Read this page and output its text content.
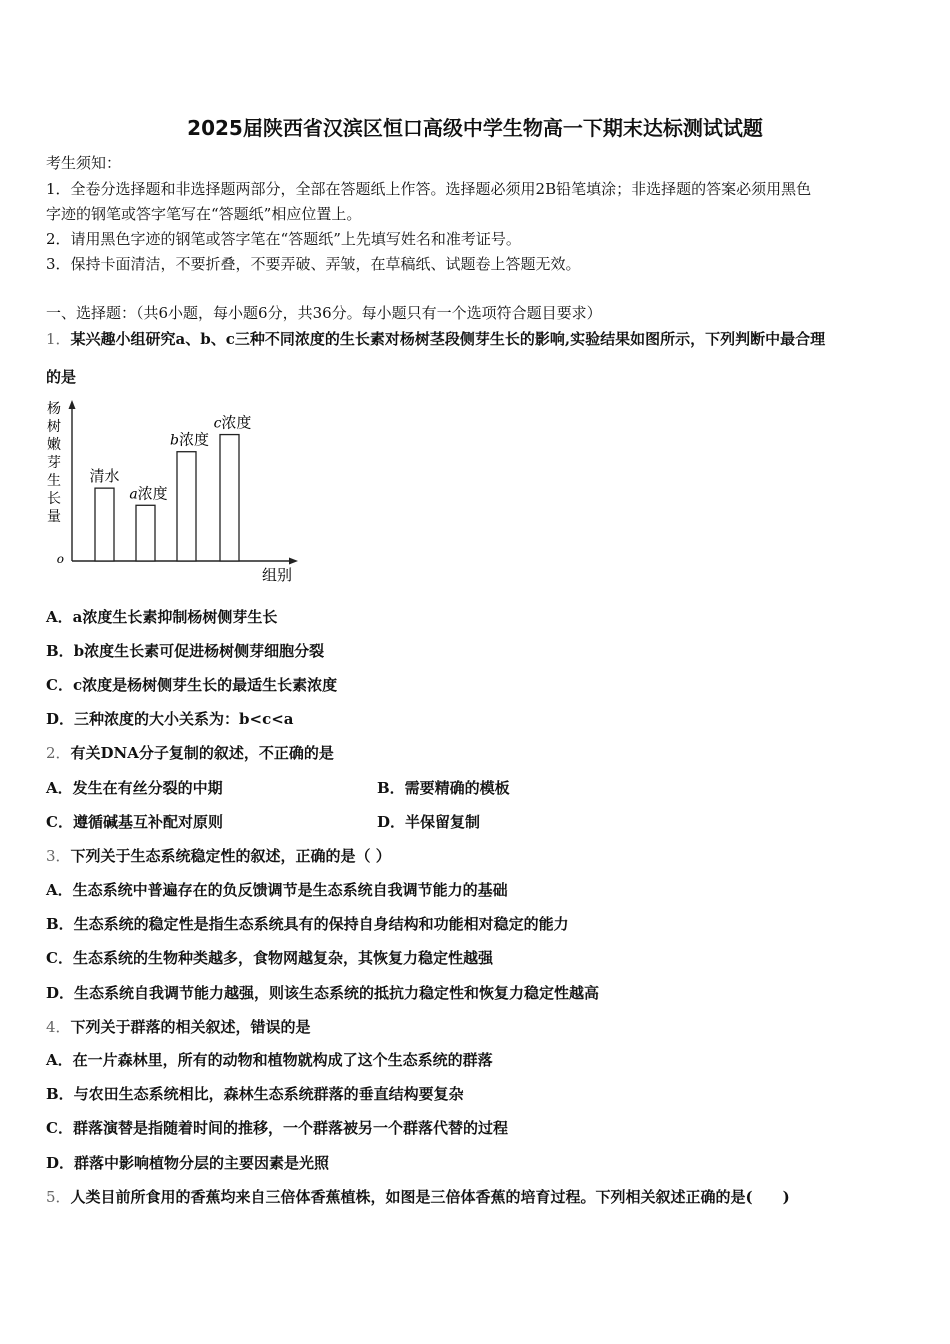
2025届陕西省汉滨区恒口高级中学生物高一下期末达标测试试题
考生须知：
1．全卷分选择题和非选择题两部分，全部在答题纸上作答。选择题必须用2B铅笔填涂；非选择题的答案必须用黑色
字迹的钢笔或答字笔写在“答题纸”相应位置上。
2．请用黑色字迹的钢笔或答字笔在“答题纸”上先填写姓名和准考证号。
3．保持卡面清洁，不要折叠，不要弄破、弄皱，在草稿纸、试题卷上答题无效。
一、选择题：（共6小题，每小题6分，共36分。每小题只有一个选项符合题目要求）
1．某兴趣小组研究a、b、c三种不同浓度的生长素对杨树茎段侧芽生长的影响,实验结果如图所示，下列判断中最合理
的是
杨树嫩芽生长量
o
组别
清水
a浓度
b浓度
c浓度
A．a浓度生长素抑制杨树侧芽生长
B．b浓度生长素可促进杨树侧芽细胞分裂
C．c浓度是杨树侧芽生长的最适生长素浓度
D．三种浓度的大小关系为：b<c<a
2．有关DNA分子复制的叙述，不正确的是
A．发生在有丝分裂的中期	B．需要精确的模板
C．遵循碱基互补配对原则	D．半保留复制
3．下列关于生态系统稳定性的叙述，正确的是（ ）
A．生态系统中普遍存在的负反馈调节是生态系统自我调节能力的基础
B．生态系统的稳定性是指生态系统具有的保持自身结构和功能相对稳定的能力
C．生态系统的生物种类越多，食物网越复杂，其恢复力稳定性越强
D．生态系统自我调节能力越强，则该生态系统的抵抗力稳定性和恢复力稳定性越高
4．下列关于群落的相关叙述，错误的是
A．在一片森林里，所有的动物和植物就构成了这个生态系统的群落
B．与农田生态系统相比，森林生态系统群落的垂直结构要复杂
C．群落演替是指随着时间的推移，一个群落被另一个群落代替的过程
D．群落中影响植物分层的主要因素是光照
5．人类目前所食用的香蕉均来自三倍体香蕉植株，如图是三倍体香蕉的培育过程。下列相关叙述正确的是(　　)
